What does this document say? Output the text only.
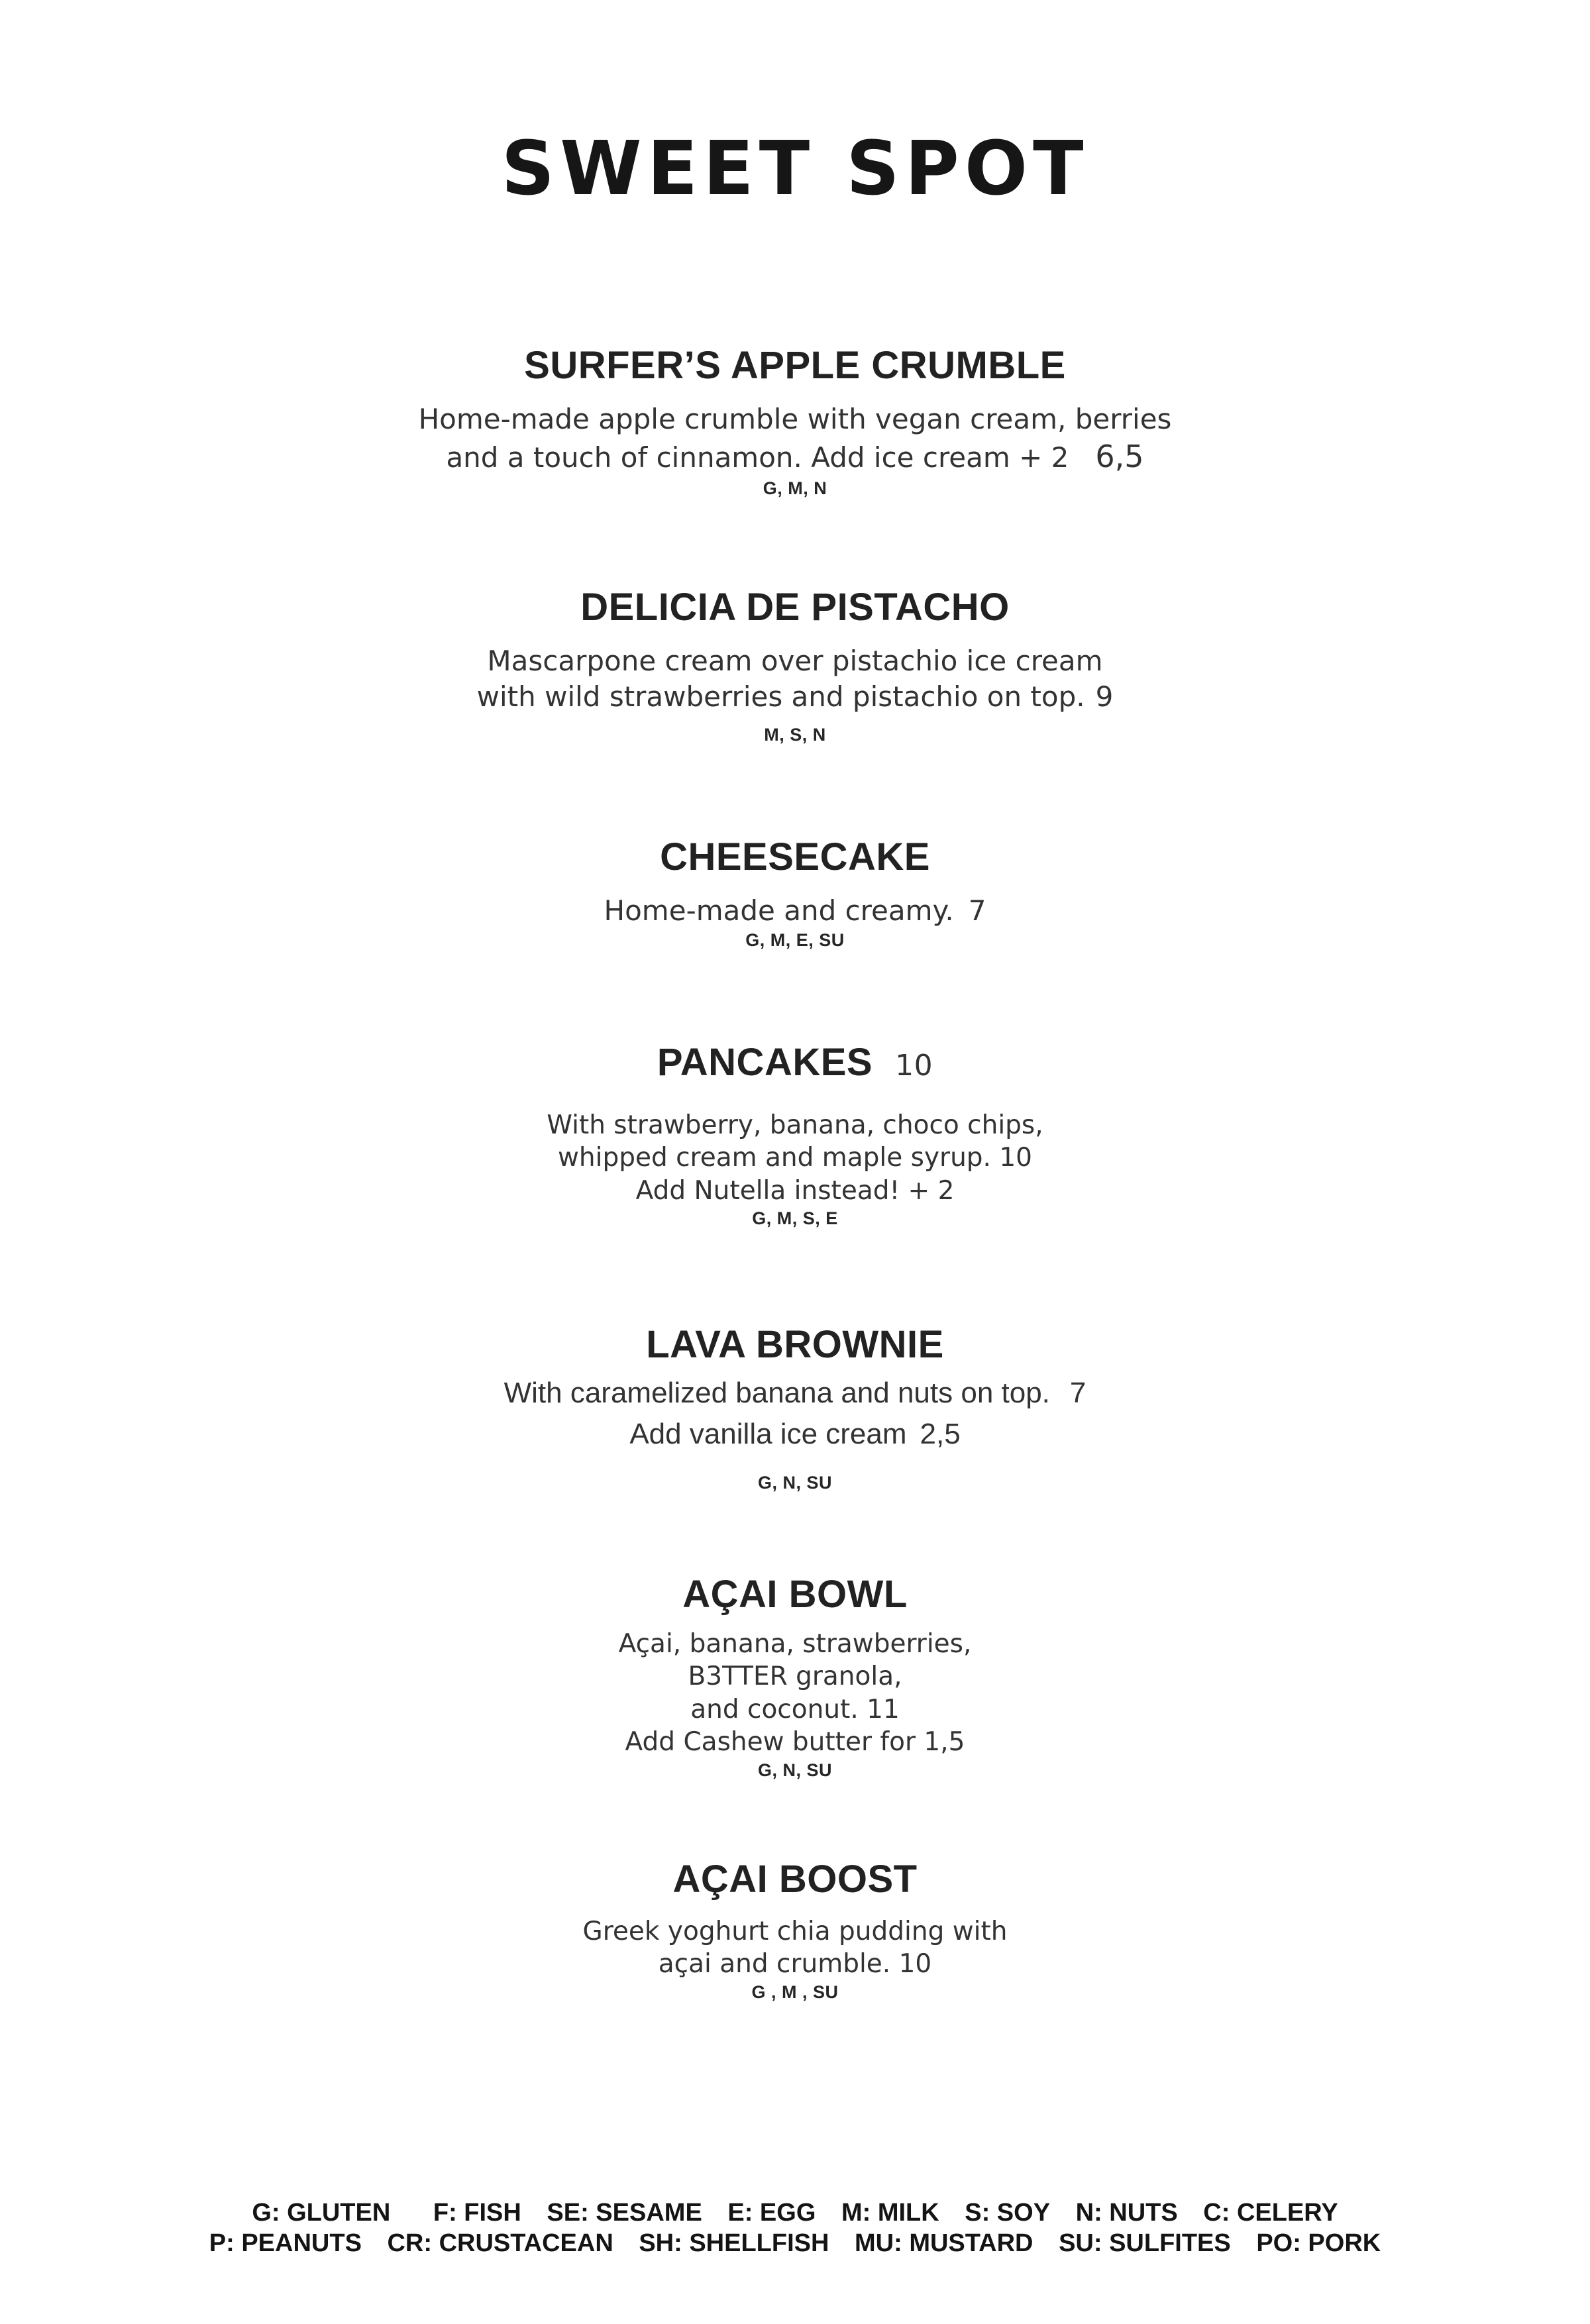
SWEET SPOT
SURFER’S APPLE CRUMBLE
Home-made apple crumble with vegan cream, berries
and a touch of cinnamon. Add ice cream + 2 6,5
G, M, N
DELICIA DE PISTACHO
Mascarpone cream over pistachio ice cream
with wild strawberries and pistachio on top. 9
M, S, N
CHEESECAKE
Home-made and creamy. 7
G, M, E, SU
PANCAKES 10
With strawberry, banana, choco chips,
whipped cream and maple syrup. 10
Add Nutella instead! + 2
G, M, S, E
LAVA BROWNIE
With caramelized banana and nuts on top. 7
Add vanilla ice cream 2,5
G, N, SU
AÇAI BOWL
Açai, banana, strawberries,
B3TTER granola,
and coconut. 11
Add Cashew butter for 1,5
G, N, SU
AÇAI BOOST
Greek yoghurt chia pudding with
açai and crumble. 10
G , M , SU
G: GLUTEN F: FISH SE: SESAME E: EGG M: MILK S: SOY N: NUTS C: CELERY
P: PEANUTS CR: CRUSTACEAN SH: SHELLFISH MU: MUSTARD SU: SULFITES PO: PORK
